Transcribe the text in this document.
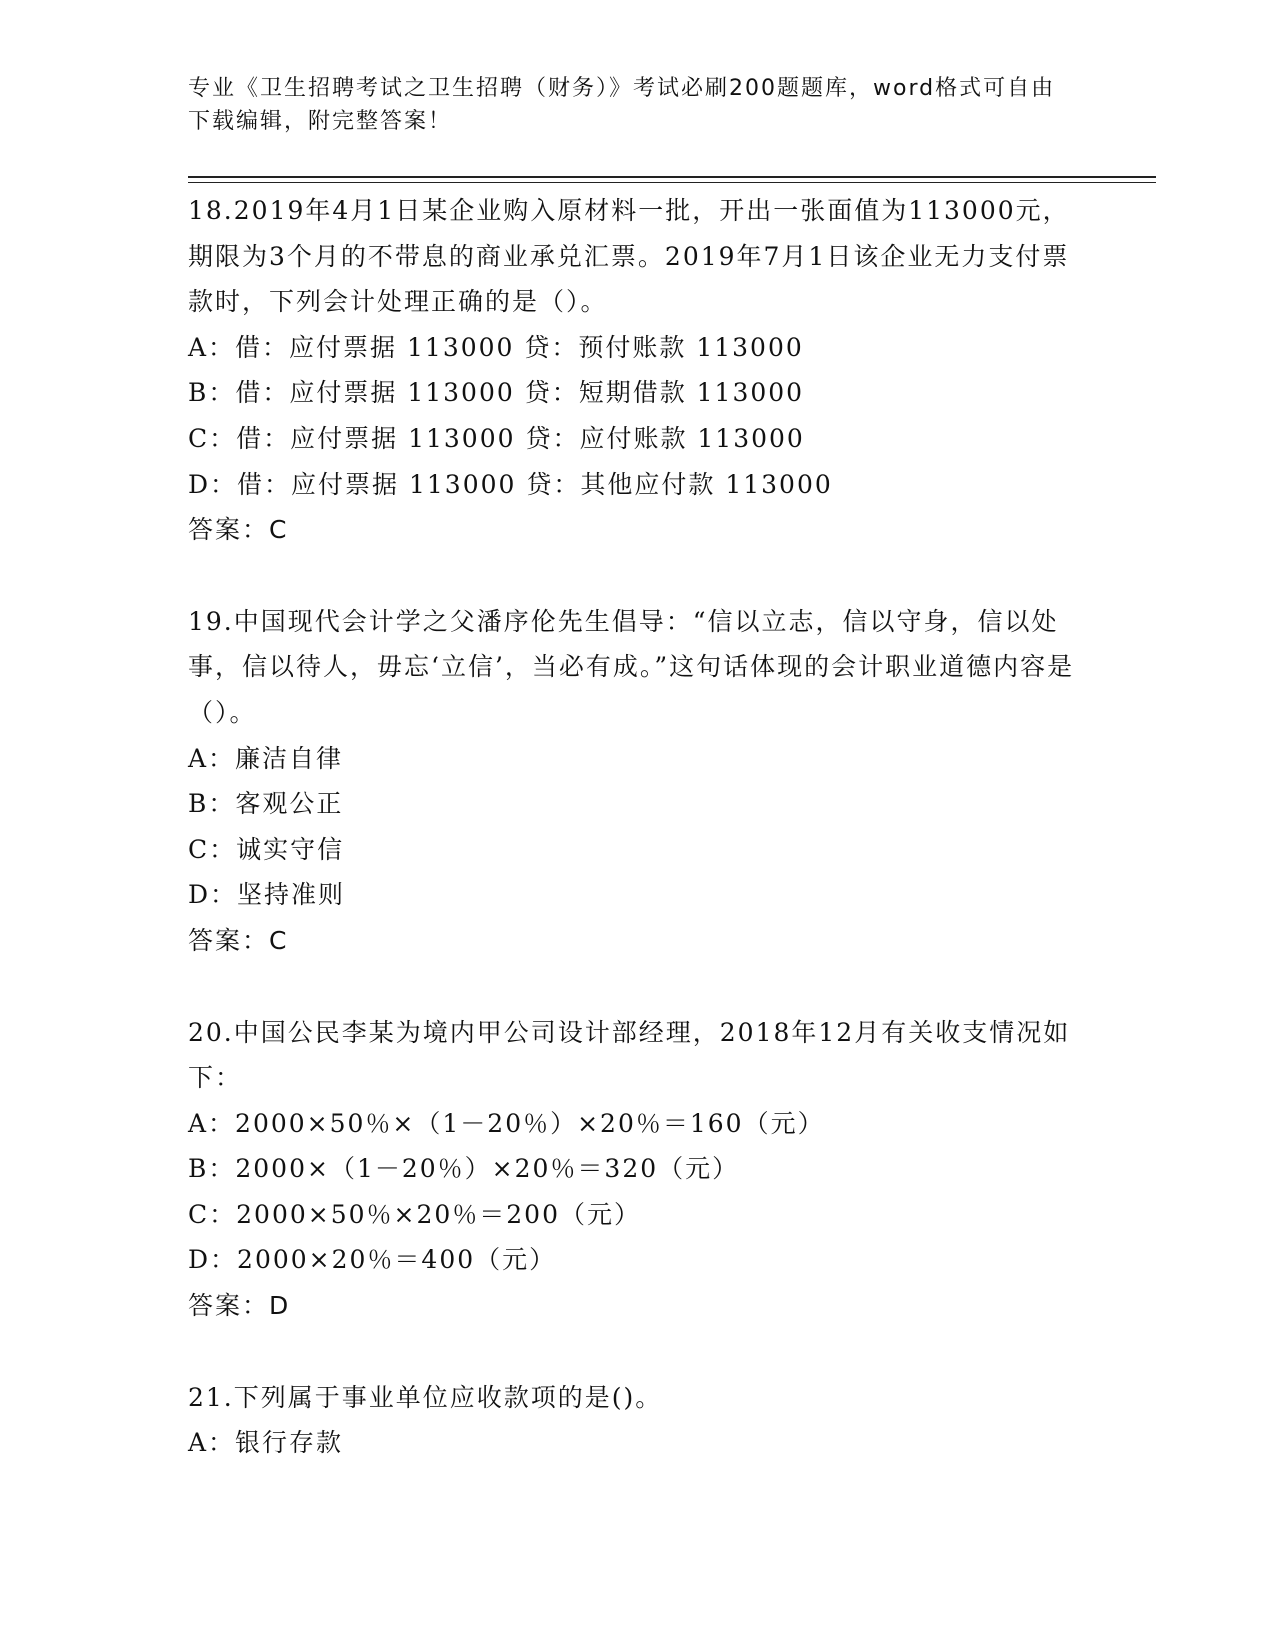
专业《卫生招聘考试之卫生招聘（财务）》考试必刷200题题库，word格式可自由下载编辑，附完整答案！
18.2019年4月1日某企业购入原材料一批，开出一张面值为113000元，期限为3个月的不带息的商业承兑汇票。2019年7月1日该企业无力支付票款时，下列会计处理正确的是（）。
A：借：应付票据 113000 贷：预付账款 113000
B：借：应付票据 113000 贷：短期借款 113000
C：借：应付票据 113000 贷：应付账款 113000
D：借：应付票据 113000 贷：其他应付款 113000
答案：C
19.中国现代会计学之父潘序伦先生倡导：“信以立志，信以守身，信以处事，信以待人，毋忘‘立信’，当必有成。”这句话体现的会计职业道德内容是（）。
A：廉洁自律
B：客观公正
C：诚实守信
D：坚持准则
答案：C
20.中国公民李某为境内甲公司设计部经理，2018年12月有关收支情况如下：
A：2000×50％×（1－20％）×20％＝160（元）
B：2000×（1－20％）×20％＝320（元）
C：2000×50％×20％＝200（元）
D：2000×20％＝400（元）
答案：D
21.下列属于事业单位应收款项的是()。
A：银行存款
